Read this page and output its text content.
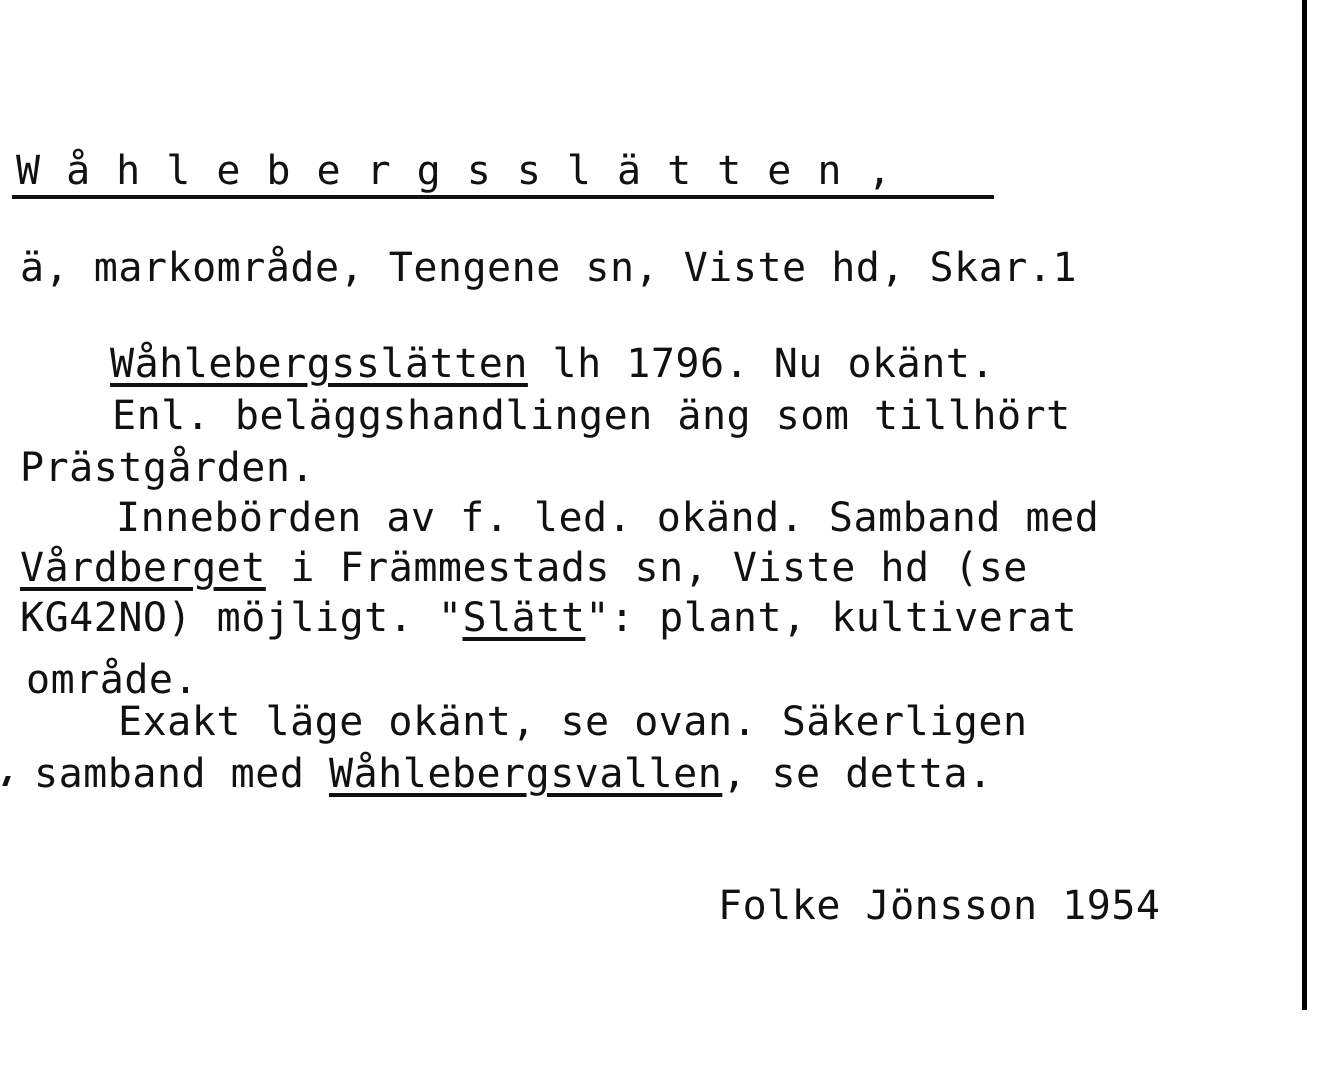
Wåhlebergsslätten,
ä, markområde, Tengene sn, Viste hd, Skar.1
Wåhlebergsslätten lh 1796. Nu okänt.
Enl. beläggshandlingen äng som tillhört
Prästgården.
Innebörden av f. led. okänd. Samband med
Vårdberget i Främmestads sn, Viste hd (se
KG42NO) möjligt. "Slätt": plant, kultiverat
område.
Exakt läge okänt, se ovan. Säkerligen
samband med Wåhlebergsvallen, se detta.
Folke Jönsson 1954
